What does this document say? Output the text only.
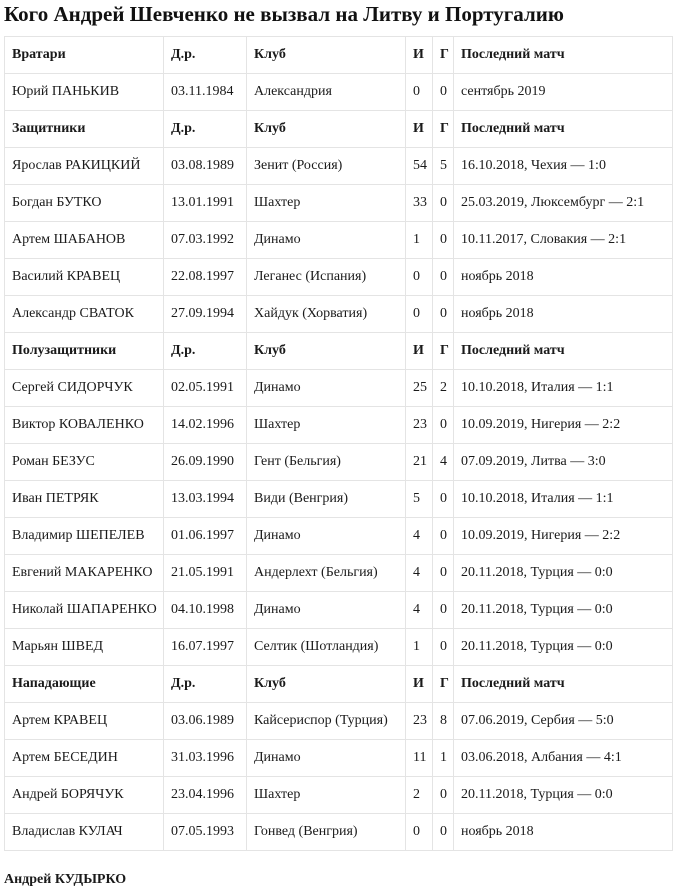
Кого Андрей Шевченко не вызвал на Литву и Португалию
Вратари	Д.р.	Клуб	И	Г	Последний матч
Юрий ПАНЬКИВ	03.11.1984	Александрия	0	0	сентябрь 2019
Защитники	Д.р.	Клуб	И	Г	Последний матч
Ярослав РАКИЦКИЙ	03.08.1989	Зенит (Россия)	54	5	16.10.2018, Чехия — 1:0
Богдан БУТКО	13.01.1991	Шахтер	33	0	25.03.2019, Люксембург — 2:1
Артем ШАБАНОВ	07.03.1992	Динамо	1	0	10.11.2017, Словакия — 2:1
Василий КРАВЕЦ	22.08.1997	Леганес (Испания)	0	0	ноябрь 2018
Александр СВАТОК	27.09.1994	Хайдук (Хорватия)	0	0	ноябрь 2018
Полузащитники	Д.р.	Клуб	И	Г	Последний матч
Сергей СИДОРЧУК	02.05.1991	Динамо	25	2	10.10.2018, Италия — 1:1
Виктор КОВАЛЕНКО	14.02.1996	Шахтер	23	0	10.09.2019, Нигерия — 2:2
Роман БЕЗУС	26.09.1990	Гент (Бельгия)	21	4	07.09.2019, Литва — 3:0
Иван ПЕТРЯК	13.03.1994	Види (Венгрия)	5	0	10.10.2018, Италия — 1:1
Владимир ШЕПЕЛЕВ	01.06.1997	Динамо	4	0	10.09.2019, Нигерия — 2:2
Евгений МАКАРЕНКО	21.05.1991	Андерлехт (Бельгия)	4	0	20.11.2018, Турция — 0:0
Николай ШАПАРЕНКО	04.10.1998	Динамо	4	0	20.11.2018, Турция — 0:0
Марьян ШВЕД	16.07.1997	Селтик (Шотландия)	1	0	20.11.2018, Турция — 0:0
Нападающие	Д.р.	Клуб	И	Г	Последний матч
Артем КРАВЕЦ	03.06.1989	Кайсериспор (Турция)	23	8	07.06.2019, Сербия — 5:0
Артем БЕСЕДИН	31.03.1996	Динамо	11	1	03.06.2018, Албания — 4:1
Андрей БОРЯЧУК	23.04.1996	Шахтер	2	0	20.11.2018, Турция — 0:0
Владислав КУЛАЧ	07.05.1993	Гонвед (Венгрия)	0	0	ноябрь 2018

Андрей КУДЫРКО
